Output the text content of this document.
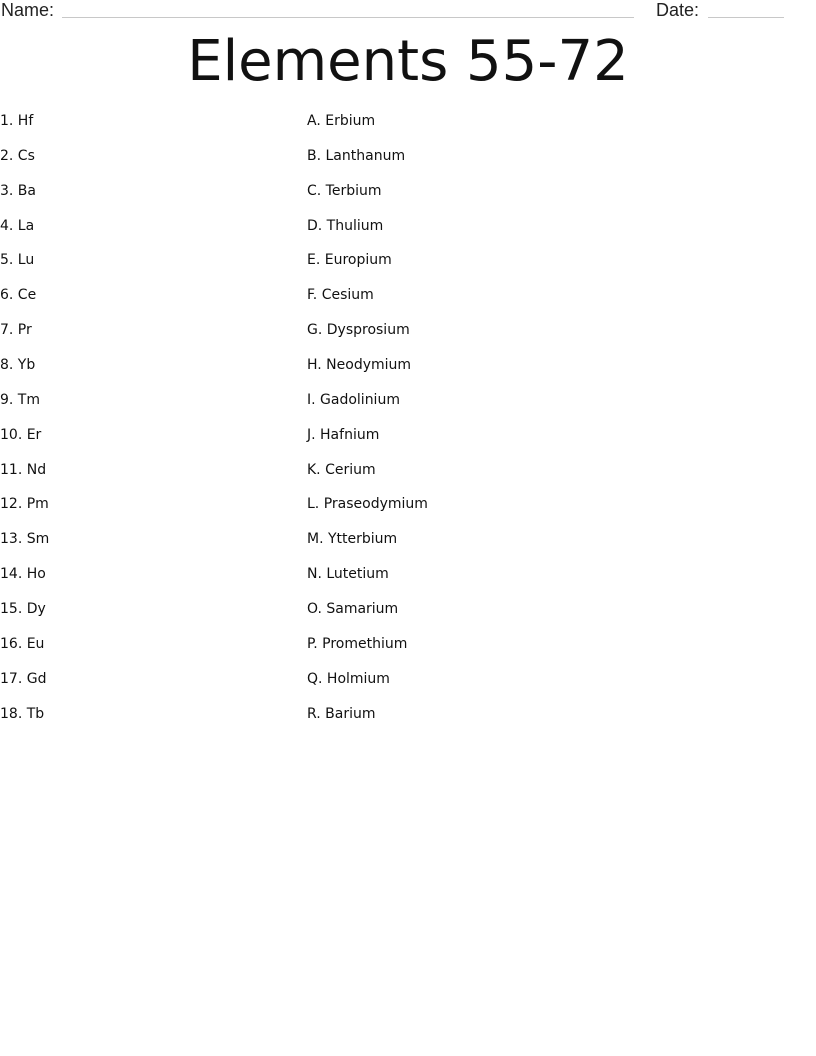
Name:	Date:
Elements 55-72
1. Hf
2. Cs
3. Ba
4. La
5. Lu
6. Ce
7. Pr
8. Yb
9. Tm
10. Er
11. Nd
12. Pm
13. Sm
14. Ho
15. Dy
16. Eu
17. Gd
18. Tb
A. Erbium
B. Lanthanum
C. Terbium
D. Thulium
E. Europium
F. Cesium
G. Dysprosium
H. Neodymium
I. Gadolinium
J. Hafnium
K. Cerium
L. Praseodymium
M. Ytterbium
N. Lutetium
O. Samarium
P. Promethium
Q. Holmium
R. Barium
